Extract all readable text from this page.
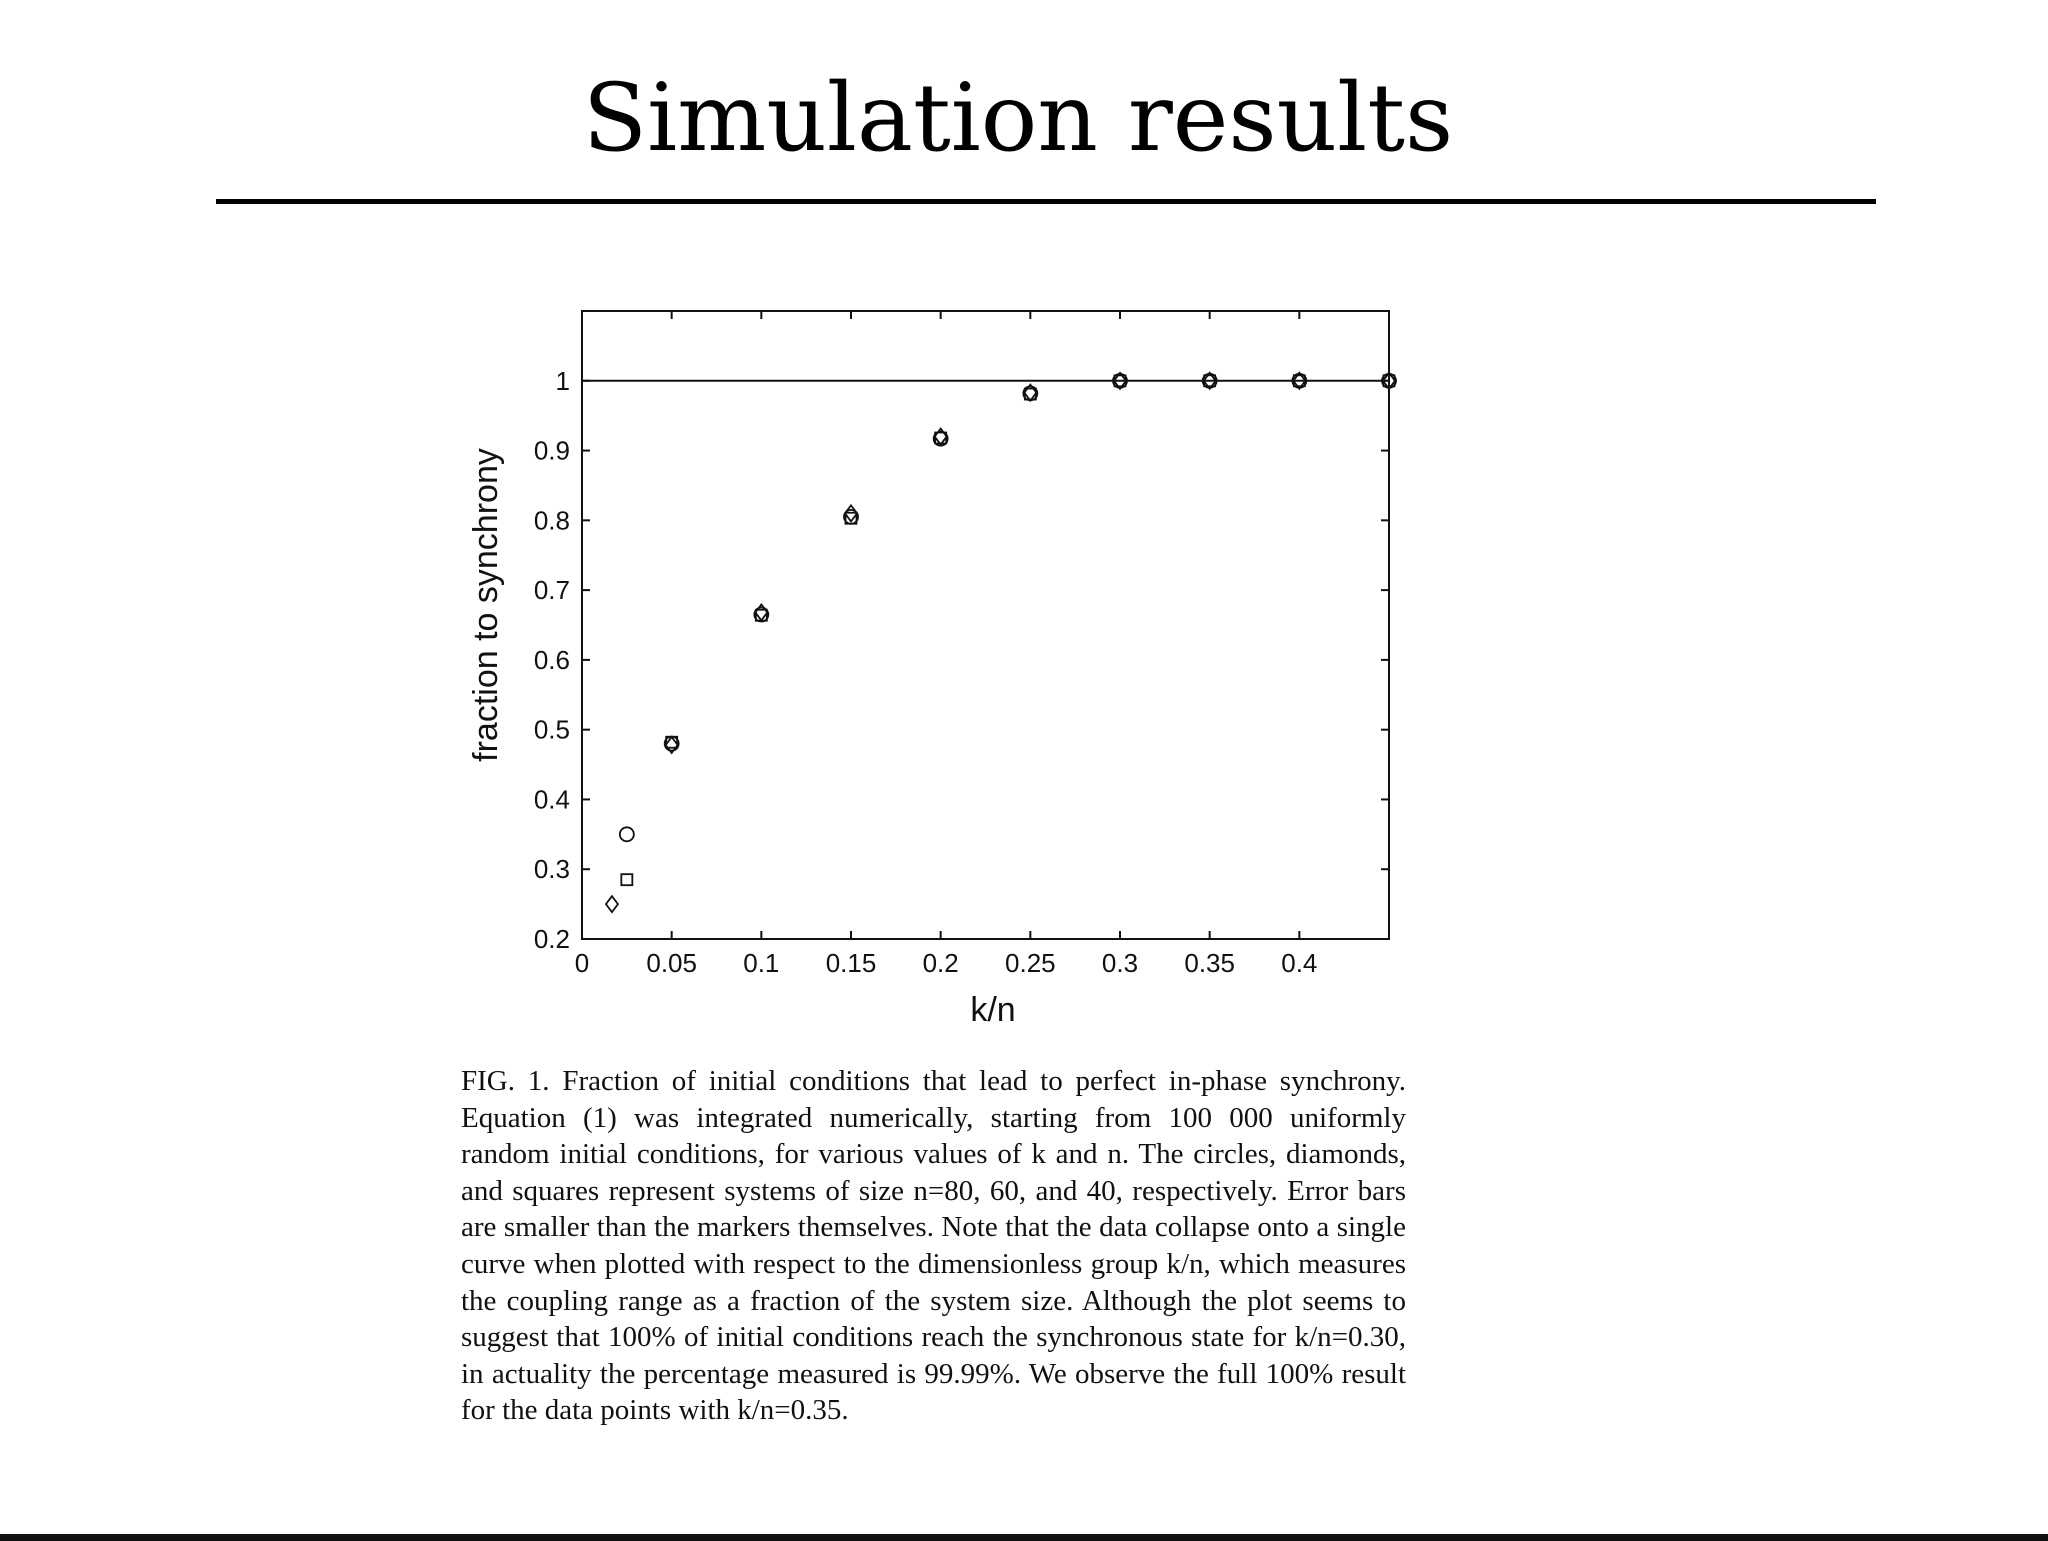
Simulation results
0 0.05 0.1 0.15 0.2 0.25 0.3 0.35 0.4
0.2
0.3
0.4
0.5
0.6
0.7
0.8
0.9
1
k/n
fraction to synchrony
FIG. 1. Fraction of initial conditions that lead to perfect in-phase synchrony. Equation (1) was integrated numerically, starting from 100 000 uniformly random initial conditions, for various values of k and n. The circles, diamonds, and squares represent systems of size n=80, 60, and 40, respectively. Error bars are smaller than the markers themselves. Note that the data collapse onto a single curve when plotted with respect to the dimensionless group k/n, which measures the coupling range as a fraction of the system size. Although the plot seems to suggest that 100% of initial conditions reach the synchronous state for k/n=0.30, in actuality the percentage measured is 99.99%. We observe the full 100% result for the data points with k/n=0.35.
